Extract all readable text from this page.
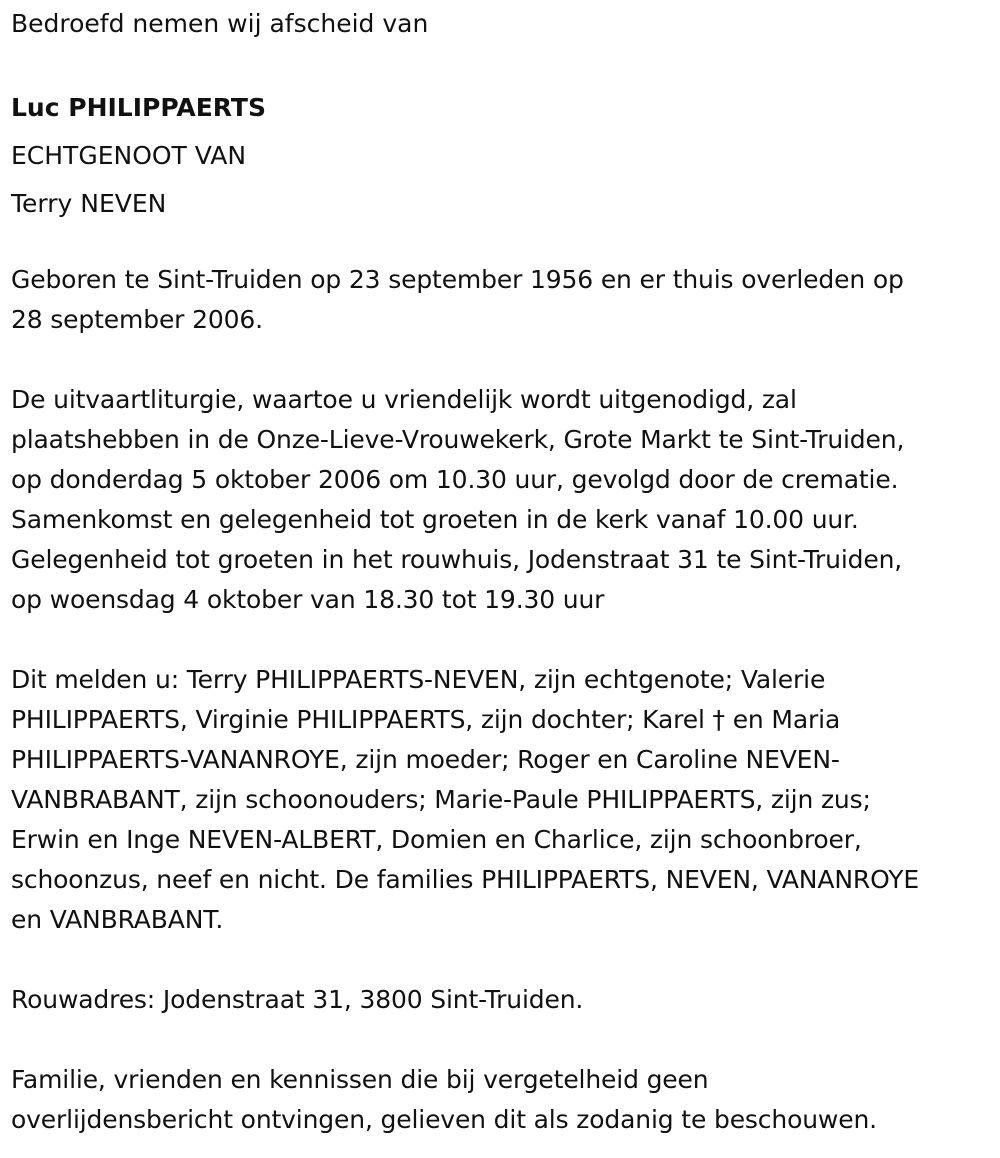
Bedroefd nemen wij afscheid van

Luc PHILIPPAERTS
ECHTGENOOT VAN
Terry NEVEN

Geboren te Sint-Truiden op 23 september 1956 en er thuis overleden op

28 september 2006.

De uitvaartliturgie, waartoe u vriendelijk wordt uitgenodigd, zal

plaatshebben in de Onze-Lieve-Vrouwekerk, Grote Markt te Sint-Truiden,

op donderdag 5 oktober 2006 om 10.30 uur, gevolgd door de crematie.

Samenkomst en gelegenheid tot groeten in de kerk vanaf 10.00 uur.

Gelegenheid tot groeten in het rouwhuis, Jodenstraat 31 te Sint-Truiden,

op woensdag 4 oktober van 18.30 tot 19.30 uur

Dit melden u: Terry PHILIPPAERTS-NEVEN, zijn echtgenote; Valerie

PHILIPPAERTS, Virginie PHILIPPAERTS, zijn dochter; Karel † en Maria

PHILIPPAERTS-VANANROYE, zijn moeder; Roger en Caroline NEVEN-

VANBRABANT, zijn schoonouders; Marie-Paule PHILIPPAERTS, zijn zus;

Erwin en Inge NEVEN-ALBERT, Domien en Charlice, zijn schoonbroer,

schoonzus, neef en nicht. De families PHILIPPAERTS, NEVEN, VANANROYE

en VANBRABANT.

Rouwadres: Jodenstraat 31, 3800 Sint-Truiden.

Familie, vrienden en kennissen die bij vergetelheid geen

overlijdensbericht ontvingen, gelieven dit als zodanig te beschouwen.
